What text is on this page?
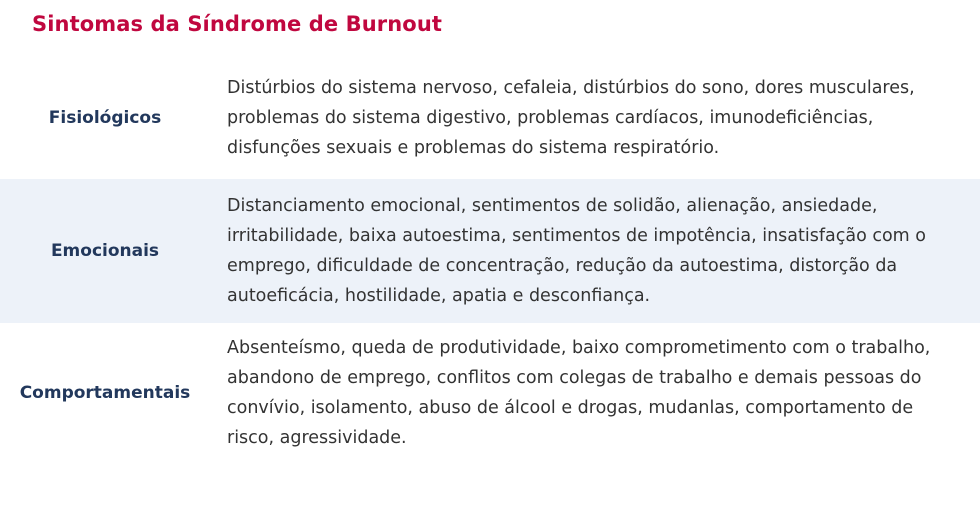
Sintomas da Síndrome de Burnout
Fisiológicos
Distúrbios do sistema nervoso, cefaleia, distúrbios do sono, dores musculares, problemas do sistema digestivo, problemas cardíacos, imunodeficiências, disfunções sexuais e problemas do sistema respiratório.
Emocionais
Distanciamento emocional, sentimentos de solidão, alienação, ansiedade, irritabilidade, baixa autoestima, sentimentos de impotência, insatisfação com o emprego, dificuldade de concentração, redução da autoestima, distorção da autoeficácia, hostilidade, apatia e desconfiança.
Comportamentais
Absenteísmo, queda de produtividade, baixo comprometimento com o trabalho, abandono de emprego, conflitos com colegas de trabalho e demais pessoas do convívio, isolamento, abuso de álcool e drogas, mudanlas, comportamento de risco, agressividade.
